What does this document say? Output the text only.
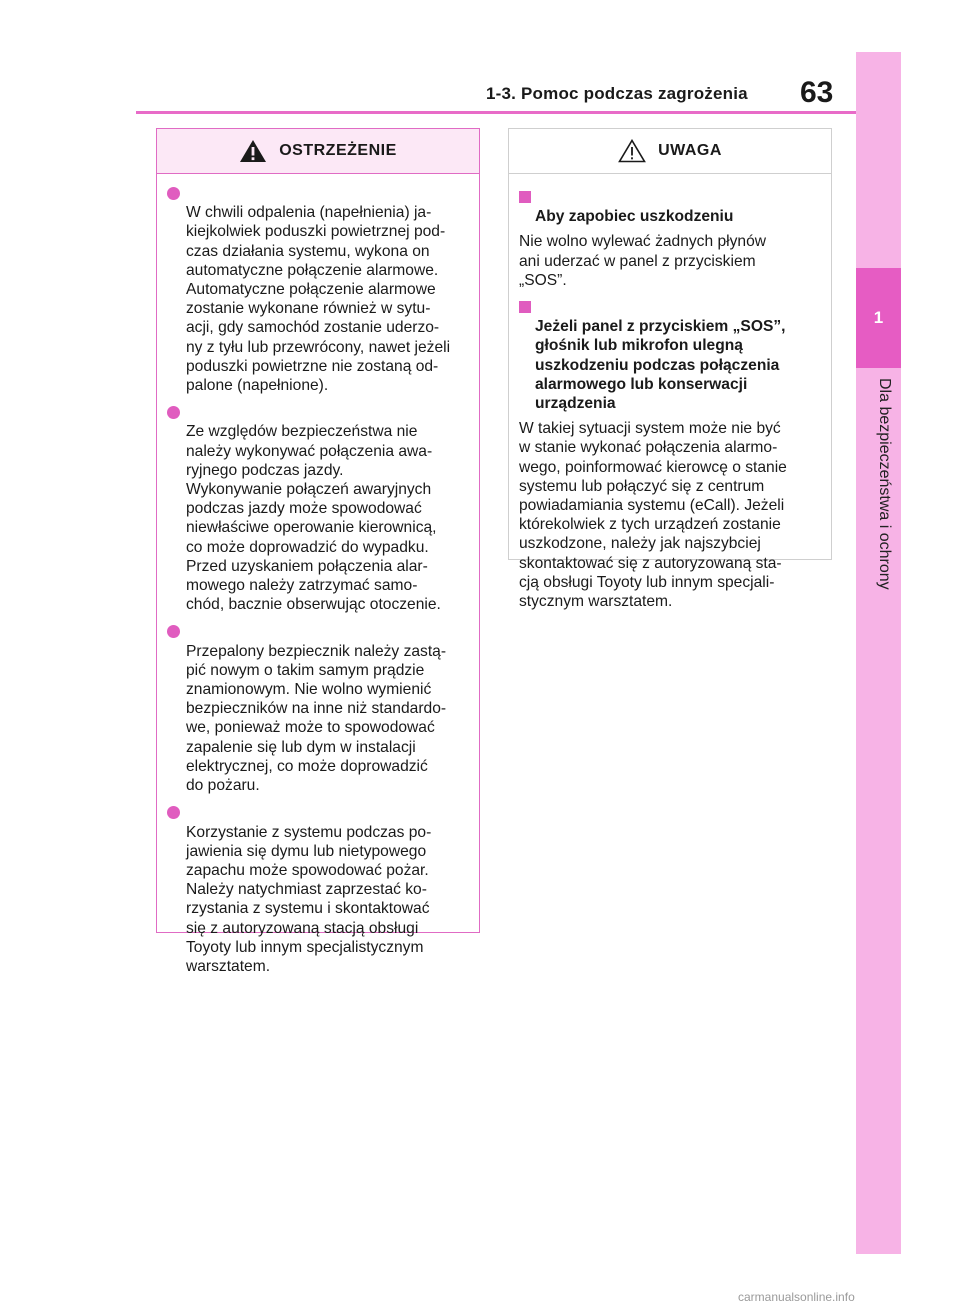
1-3. Pomoc podczas zagrożenia 63
1
Dla bezpieczeństwa i ochrony
OSTRZEŻENIE

W chwili odpalenia (napełnienia) ja-
kiejkolwiek poduszki powietrznej pod-
czas działania systemu, wykona on
automatyczne połączenie alarmowe.
Automatyczne połączenie alarmowe
zostanie wykonane również w sytu-
acji, gdy samochód zostanie uderzo-
ny z tyłu lub przewrócony, nawet jeżeli
poduszki powietrzne nie zostaną od-
palone (napełnione).

Ze względów bezpieczeństwa nie
należy wykonywać połączenia awa-
ryjnego podczas jazdy.
Wykonywanie połączeń awaryjnych
podczas jazdy może spowodować
niewłaściwe operowanie kierownicą,
co może doprowadzić do wypadku.
Przed uzyskaniem połączenia alar-
mowego należy zatrzymać samo-
chód, bacznie obserwując otoczenie.

Przepalony bezpiecznik należy zastą-
pić nowym o takim samym prądzie
znamionowym. Nie wolno wymienić
bezpieczników na inne niż standardo-
we, ponieważ może to spowodować
zapalenie się lub dym w instalacji
elektrycznej, co może doprowadzić
do pożaru.

Korzystanie z systemu podczas po-
jawienia się dymu lub nietypowego
zapachu może spowodować pożar.
Należy natychmiast zaprzestać ko-
rzystania z systemu i skontaktować
się z autoryzowaną stacją obsługi
Toyoty lub innym specjalistycznym
warsztatem.

UWAGA

Aby zapobiec uszkodzeniu

Nie wolno wylewać żadnych płynów
ani uderzać w panel z przyciskiem
„SOS”.

Jeżeli panel z przyciskiem „SOS”,
głośnik lub mikrofon ulegną
uszkodzeniu podczas połączenia
alarmowego lub konserwacji
urządzenia

W takiej sytuacji system może nie być
w stanie wykonać połączenia alarmo-
wego, poinformować kierowcę o stanie
systemu lub połączyć się z centrum
powiadamiania systemu (eCall). Jeżeli
którekolwiek z tych urządzeń zostanie
uszkodzone, należy jak najszybciej
skontaktować się z autoryzowaną sta-
cją obsługi Toyoty lub innym specjali-
stycznym warsztatem.
carmanualsonline.info
